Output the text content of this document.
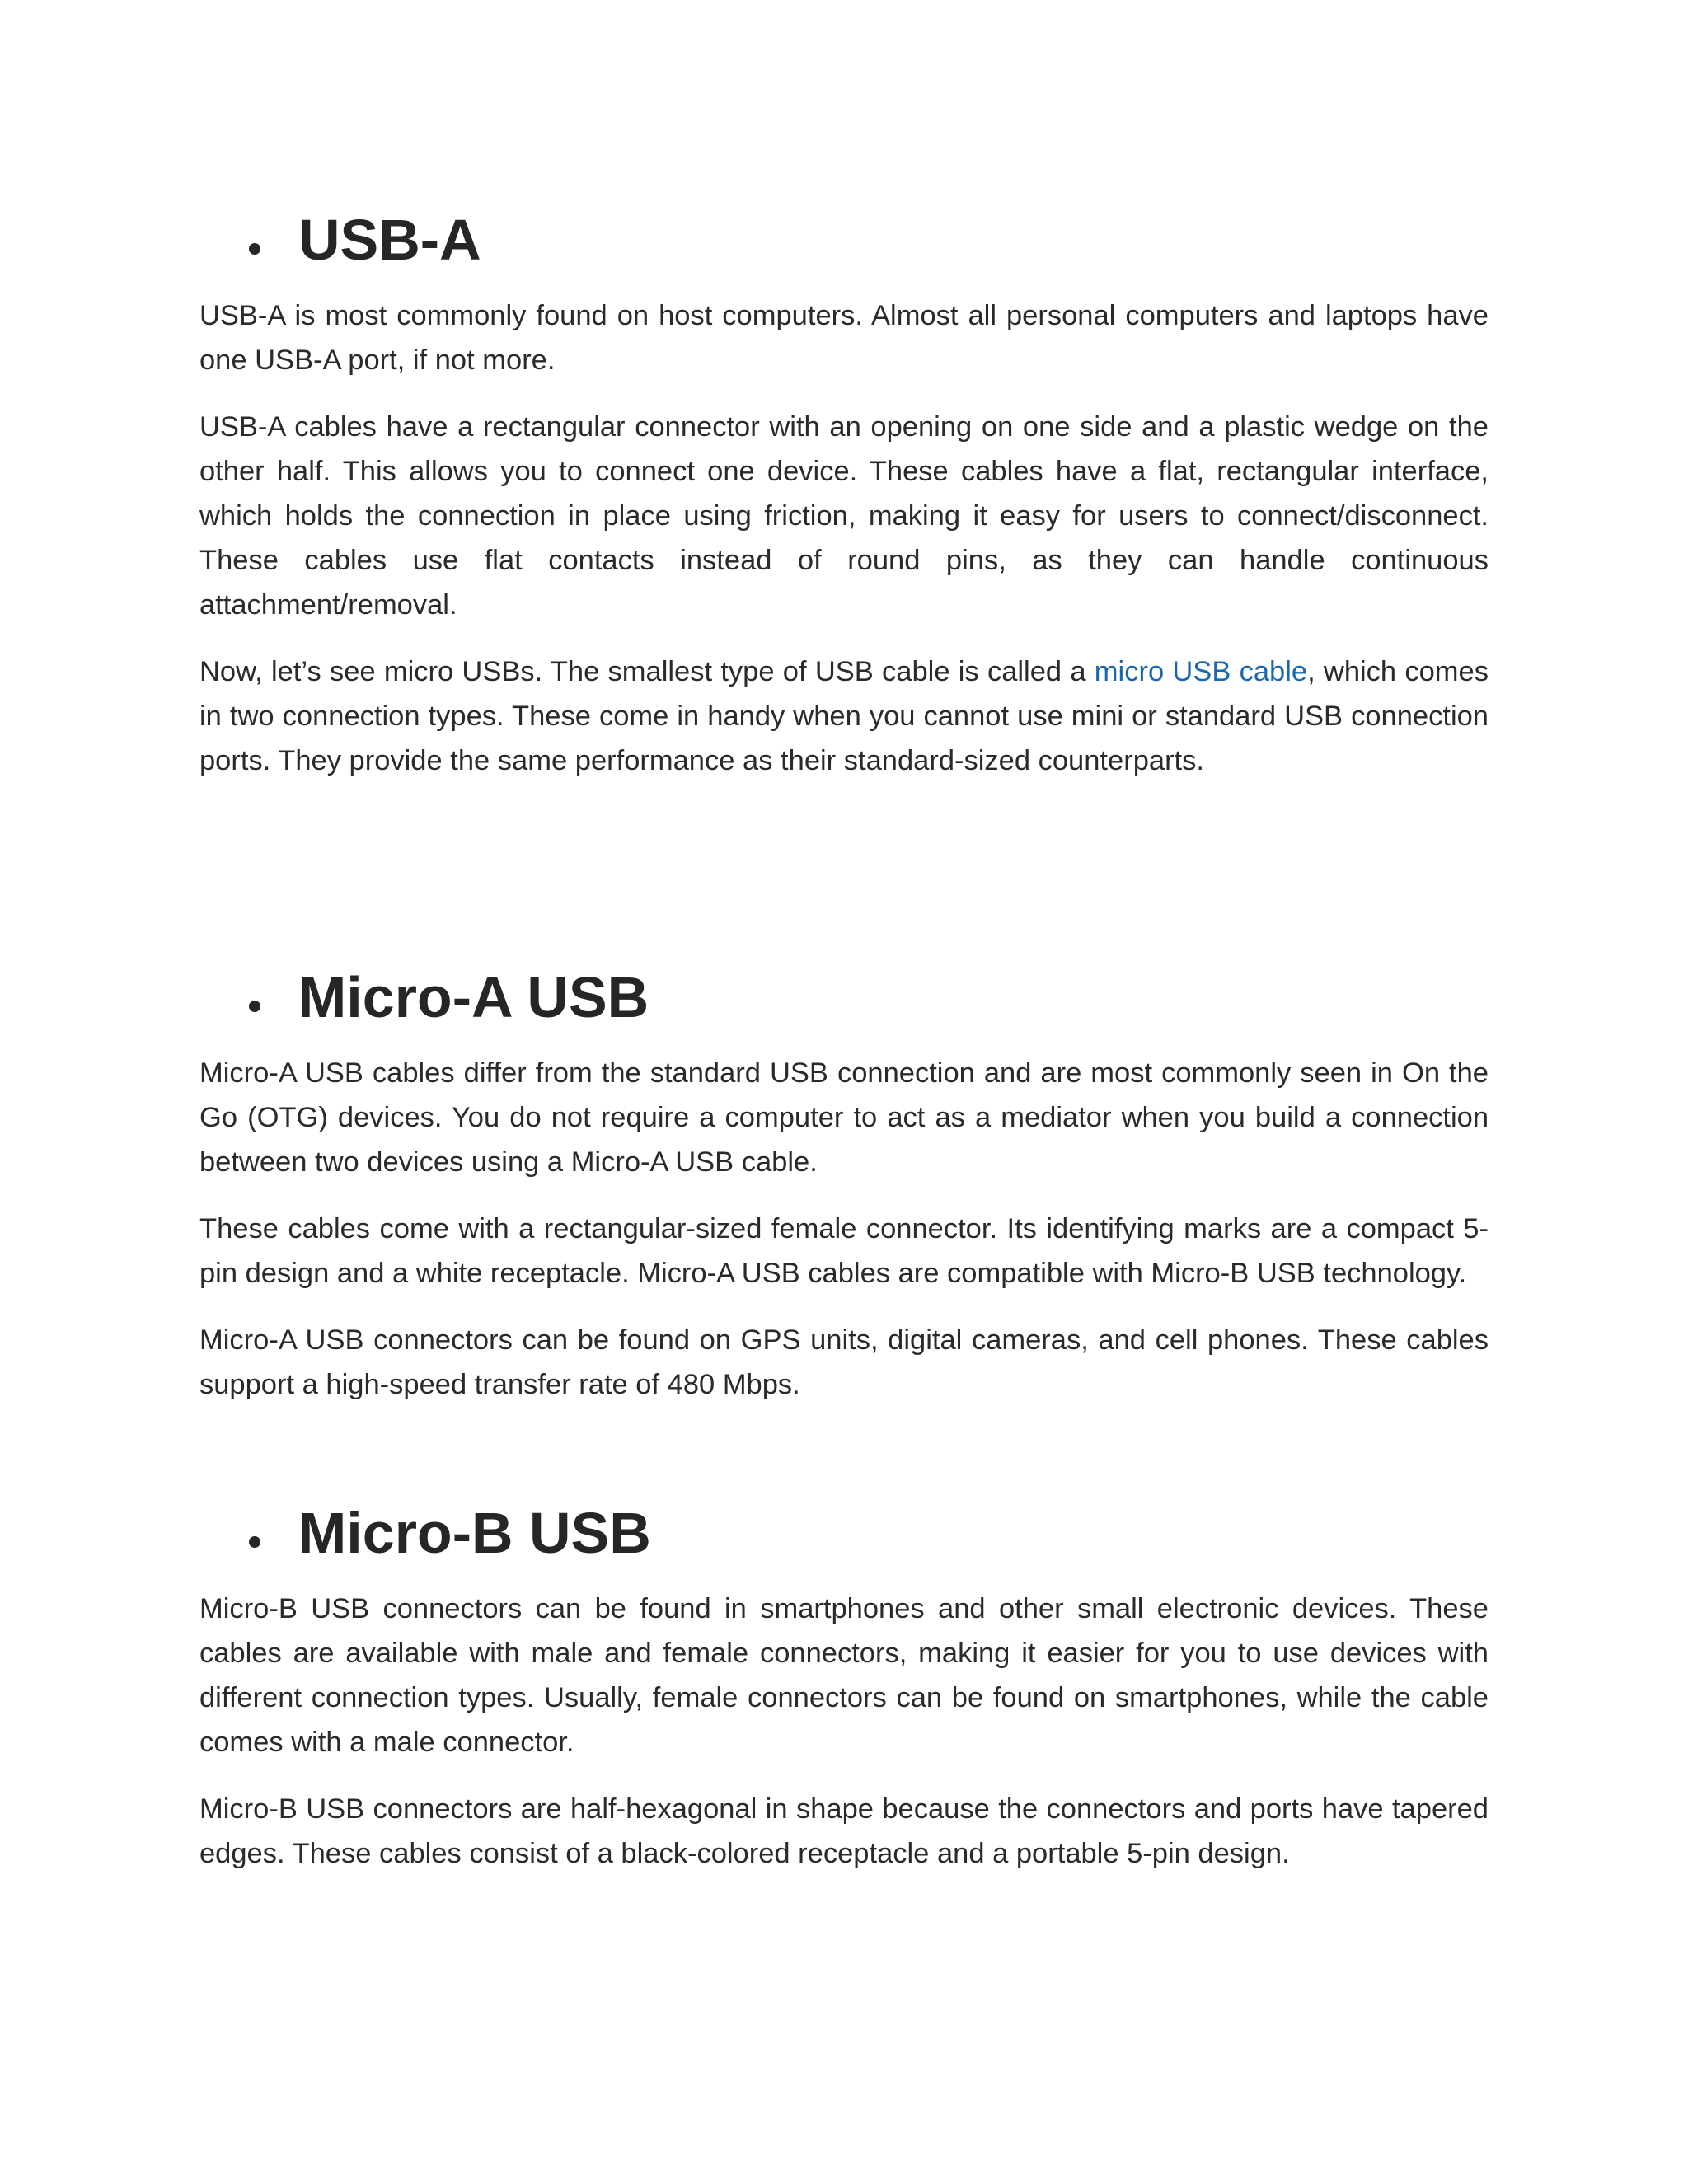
USB-A

USB-A is most commonly found on host computers. Almost all personal computers and laptops have one USB-A port, if not more.

USB-A cables have a rectangular connector with an opening on one side and a plastic wedge on the other half. This allows you to connect one device. These cables have a flat, rectangular interface, which holds the connection in place using friction, making it easy for users to connect/disconnect. These cables use flat contacts instead of round pins, as they can handle continuous attachment/removal.

Now, let’s see micro USBs. The smallest type of USB cable is called a micro USB cable, which comes in two connection types. These come in handy when you cannot use mini or standard USB connection ports. They provide the same performance as their standard-sized counterparts.

Micro-A USB

Micro-A USB cables differ from the standard USB connection and are most commonly seen in On the Go (OTG) devices. You do not require a computer to act as a mediator when you build a connection between two devices using a Micro-A USB cable.

These cables come with a rectangular-sized female connector. Its identifying marks are a compact 5-pin design and a white receptacle. Micro-A USB cables are compatible with Micro-B USB technology.

Micro-A USB connectors can be found on GPS units, digital cameras, and cell phones. These cables support a high-speed transfer rate of 480 Mbps.

Micro-B USB

Micro-B USB connectors can be found in smartphones and other small electronic devices. These cables are available with male and female connectors, making it easier for you to use devices with different connection types. Usually, female connectors can be found on smartphones, while the cable comes with a male connector.

Micro-B USB connectors are half-hexagonal in shape because the connectors and ports have tapered edges. These cables consist of a black-colored receptacle and a portable 5-pin design.
